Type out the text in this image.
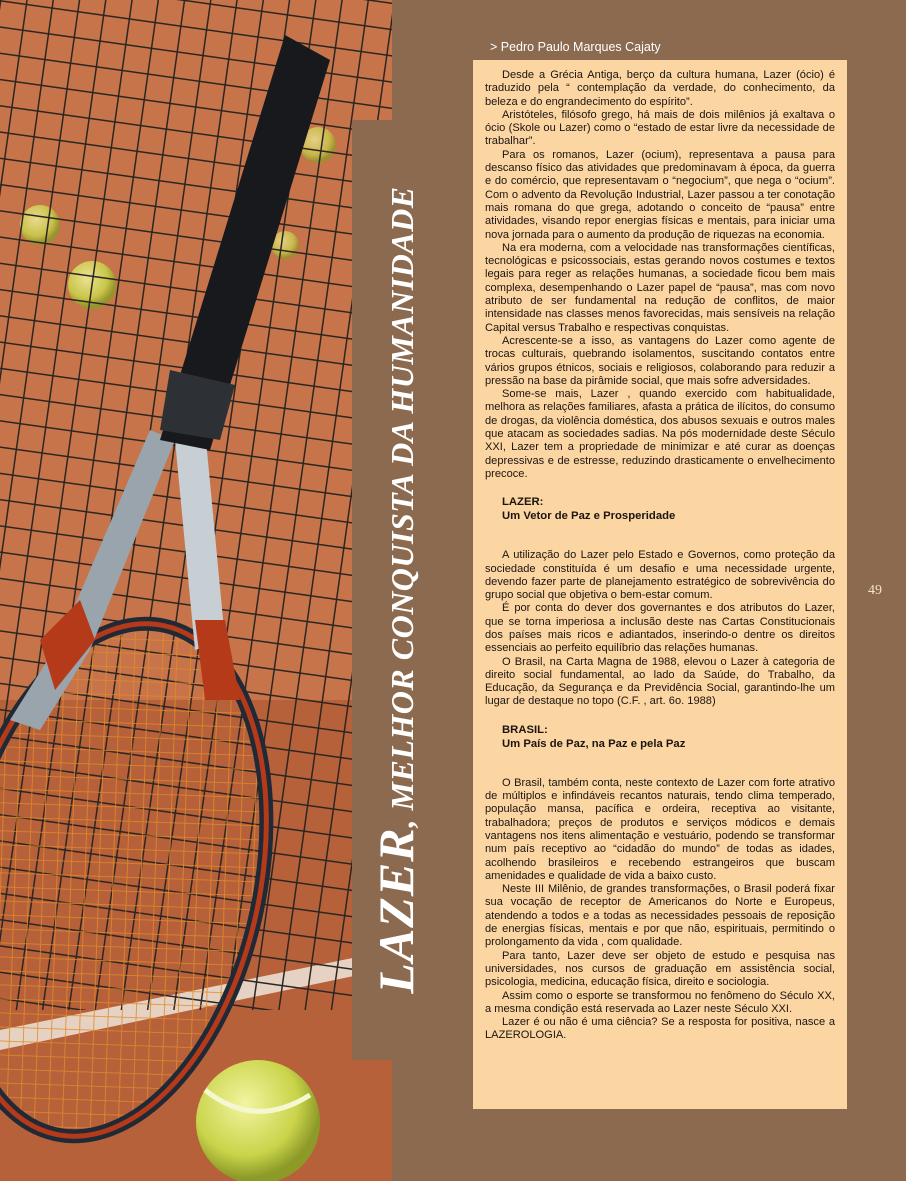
LAZER, MELHOR CONQUISTA DA HUMANIDADE
> Pedro Paulo Marques Cajaty
49

Desde a Grécia Antiga, berço da cultura humana, Lazer (ócio) é traduzido pela “ contemplação da verdade, do conhecimento, da beleza e do engrandecimento do espírito”.

Aristóteles, filósofo grego, há mais de dois milênios já exaltava o ócio (Skole ou Lazer) como o “estado de estar livre da necessidade de trabalhar”.

Para os romanos, Lazer (ocium), representava a pausa para descanso físico das atividades que predominavam à época, da guerra e do comércio, que representavam o “negocium”, que nega o “ocium”. Com o advento da Revolução Industrial, Lazer passou a ter conotação mais romana do que grega, adotando o conceito de “pausa” entre atividades, visando repor energias físicas e mentais, para iniciar uma nova jornada para o aumento da produção de riquezas na economia.

Na era moderna, com a velocidade nas transformações científicas, tecnológicas e psicossociais, estas gerando novos costumes e textos legais para reger as relações humanas, a sociedade ficou bem mais complexa, desempenhando o Lazer papel de “pausa”, mas com novo atributo de ser fundamental na redução de conflitos, de maior intensidade nas classes menos favorecidas, mais sensíveis na relação Capital versus Trabalho e respectivas conquistas.

Acrescente-se a isso, as vantagens do Lazer como agente de trocas culturais, quebrando isolamentos, suscitando contatos entre vários grupos étnicos, sociais e religiosos, colaborando para reduzir a pressão na base da pirâmide social, que mais sofre adversidades.

Some-se mais, Lazer , quando exercido com habitualidade, melhora as relações familiares, afasta a prática de ilícitos, do consumo de drogas, da violência doméstica, dos abusos sexuais e outros males que atacam as sociedades sadias. Na pós modernidade deste Século XXI, Lazer tem a propriedade de minimizar e até curar as doenças depressivas e de estresse, reduzindo drasticamente o envelhecimento precoce.

LAZER:
Um Vetor de Paz e Prosperidade

A utilização do Lazer pelo Estado e Governos, como proteção da sociedade constituída é um desafio e uma necessidade urgente, devendo fazer parte de planejamento estratégico de sobrevivência do grupo social que objetiva o bem-estar comum.

É por conta do dever dos governantes e dos atributos do Lazer, que se torna imperiosa a inclusão deste nas Cartas Constitucionais dos países mais ricos e adiantados, inserindo-o dentre os direitos essenciais ao perfeito equilíbrio das relações humanas.

O Brasil, na Carta Magna de 1988, elevou o Lazer à categoria de direito social fundamental, ao lado da Saúde, do Trabalho, da Educação, da Segurança e da Previdência Social, garantindo-lhe um lugar de destaque no topo (C.F. , art. 6o. 1988)

BRASIL:
Um País de Paz, na Paz e pela Paz

O Brasil, também conta, neste contexto de Lazer com forte atrativo de múltiplos e infindáveis recantos naturais, tendo clima temperado, população mansa, pacífica e ordeira, receptiva ao visitante, trabalhadora; preços de produtos e serviços módicos e demais vantagens nos itens alimentação e vestuário, podendo se transformar num país receptivo ao “cidadão do mundo” de todas as idades, acolhendo brasileiros e recebendo estrangeiros que buscam amenidades e qualidade de vida a baixo custo.

Neste III Milênio, de grandes transformações, o Brasil poderá fixar sua vocação de receptor de Americanos do Norte e Europeus, atendendo a todos e a todas as necessidades pessoais de reposição de energias físicas, mentais e por que não, espirituais, permitindo o prolongamento da vida , com qualidade.

Para tanto, Lazer deve ser objeto de estudo e pesquisa nas universidades, nos cursos de graduação em assistência social, psicologia, medicina, educação física, direito e sociologia.

Assim como o esporte se transformou no fenômeno do Século XX, a mesma condição está reservada ao Lazer neste Século XXI.

Lazer é ou não é uma ciência? Se a resposta for positiva, nasce a LAZEROLOGIA.
